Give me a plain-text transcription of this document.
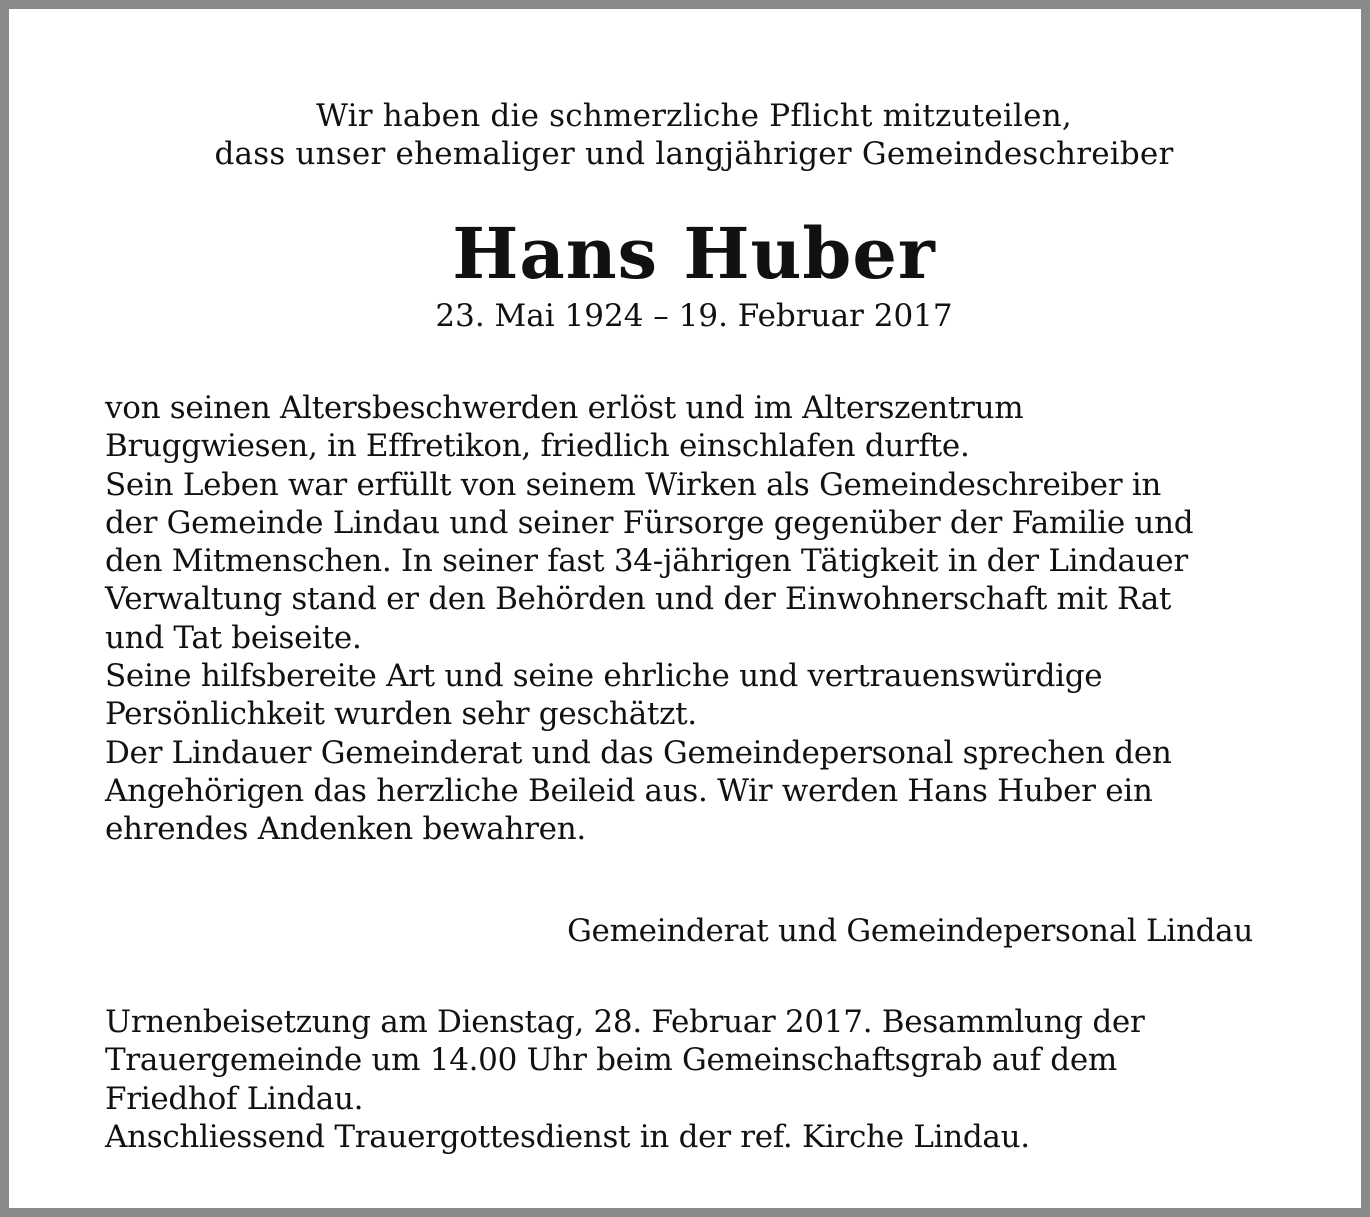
Wir haben die schmerzliche Pflicht mitzuteilen,
dass unser ehemaliger und langjähriger Gemeindeschreiber
Hans Huber
23. Mai 1924 – 19. Februar 2017
von seinen Altersbeschwerden erlöst und im Alterszentrum
Bruggwiesen, in Effretikon, friedlich einschlafen durfte.
Sein Leben war erfüllt von seinem Wirken als Gemeindeschreiber in
der Gemeinde Lindau und seiner Fürsorge gegenüber der Familie und
den Mitmenschen. In seiner fast 34-jährigen Tätigkeit in der Lindauer
Verwaltung stand er den Behörden und der Einwohnerschaft mit Rat
und Tat beiseite.
Seine hilfsbereite Art und seine ehrliche und vertrauenswürdige
Persönlichkeit wurden sehr geschätzt.
Der Lindauer Gemeinderat und das Gemeindepersonal sprechen den
Angehörigen das herzliche Beileid aus. Wir werden Hans Huber ein
ehrendes Andenken bewahren.
Gemeinderat und Gemeindepersonal Lindau
Urnenbeisetzung am Dienstag, 28. Februar 2017. Besammlung der
Trauergemeinde um 14.00 Uhr beim Gemeinschaftsgrab auf dem
Friedhof Lindau.
Anschliessend Trauergottesdienst in der ref. Kirche Lindau.
